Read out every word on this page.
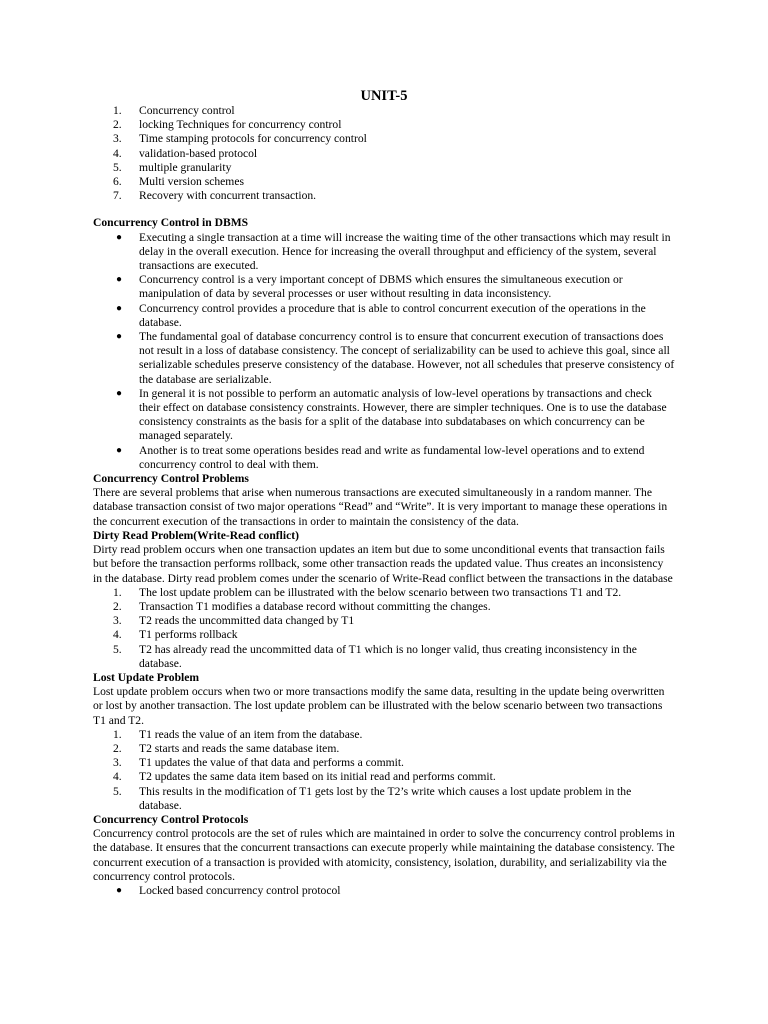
UNIT-5
1. Concurrency control
2. locking Techniques for concurrency control
3. Time stamping protocols for concurrency control
4. validation-based protocol
5. multiple granularity
6. Multi version schemes
7. Recovery with concurrent transaction.
Concurrency Control in DBMS
● Executing a single transaction at a time will increase the waiting time of the other transactions which may result in delay in the overall execution. Hence for increasing the overall throughput and efficiency of the system, several transactions are executed.
● Concurrency control is a very important concept of DBMS which ensures the simultaneous execution or manipulation of data by several processes or user without resulting in data inconsistency.
● Concurrency control provides a procedure that is able to control concurrent execution of the operations in the database.
● The fundamental goal of database concurrency control is to ensure that concurrent execution of transactions does not result in a loss of database consistency. The concept of serializability can be used to achieve this goal, since all serializable schedules preserve consistency of the database. However, not all schedules that preserve consistency of the database are serializable.
● In general it is not possible to perform an automatic analysis of low-level operations by transactions and check their effect on database consistency constraints. However, there are simpler techniques. One is to use the database consistency constraints as the basis for a split of the database into subdatabases on which concurrency can be managed separately.
● Another is to treat some operations besides read and write as fundamental low-level operations and to extend concurrency control to deal with them.
Concurrency Control Problems

There are several problems that arise when numerous transactions are executed simultaneously in a random manner. The database transaction consist of two major operations “Read” and “Write”. It is very important to manage these operations in the concurrent execution of the transactions in order to maintain the consistency of the data.

Dirty Read Problem(Write-Read conflict)

Dirty read problem occurs when one transaction updates an item but due to some unconditional events that transaction fails but before the transaction performs rollback, some other transaction reads the updated value. Thus creates an inconsistency in the database. Dirty read problem comes under the scenario of Write-Read conflict between the transactions in the database

1. The lost update problem can be illustrated with the below scenario between two transactions T1 and T2.
2. Transaction T1 modifies a database record without committing the changes.
3. T2 reads the uncommitted data changed by T1
4. T1 performs rollback
5. T2 has already read the uncommitted data of T1 which is no longer valid, thus creating inconsistency in the database.
Lost Update Problem

Lost update problem occurs when two or more transactions modify the same data, resulting in the update being overwritten or lost by another transaction. The lost update problem can be illustrated with the below scenario between two transactions T1 and T2.

1. T1 reads the value of an item from the database.
2. T2 starts and reads the same database item.
3. T1 updates the value of that data and performs a commit.
4. T2 updates the same data item based on its initial read and performs commit.
5. This results in the modification of T1 gets lost by the T2’s write which causes a lost update problem in the database.
Concurrency Control Protocols

Concurrency control protocols are the set of rules which are maintained in order to solve the concurrency control problems in the database. It ensures that the concurrent transactions can execute properly while maintaining the database consistency. The concurrent execution of a transaction is provided with atomicity, consistency, isolation, durability, and serializability via the concurrency control protocols.

● Locked based concurrency control protocol
